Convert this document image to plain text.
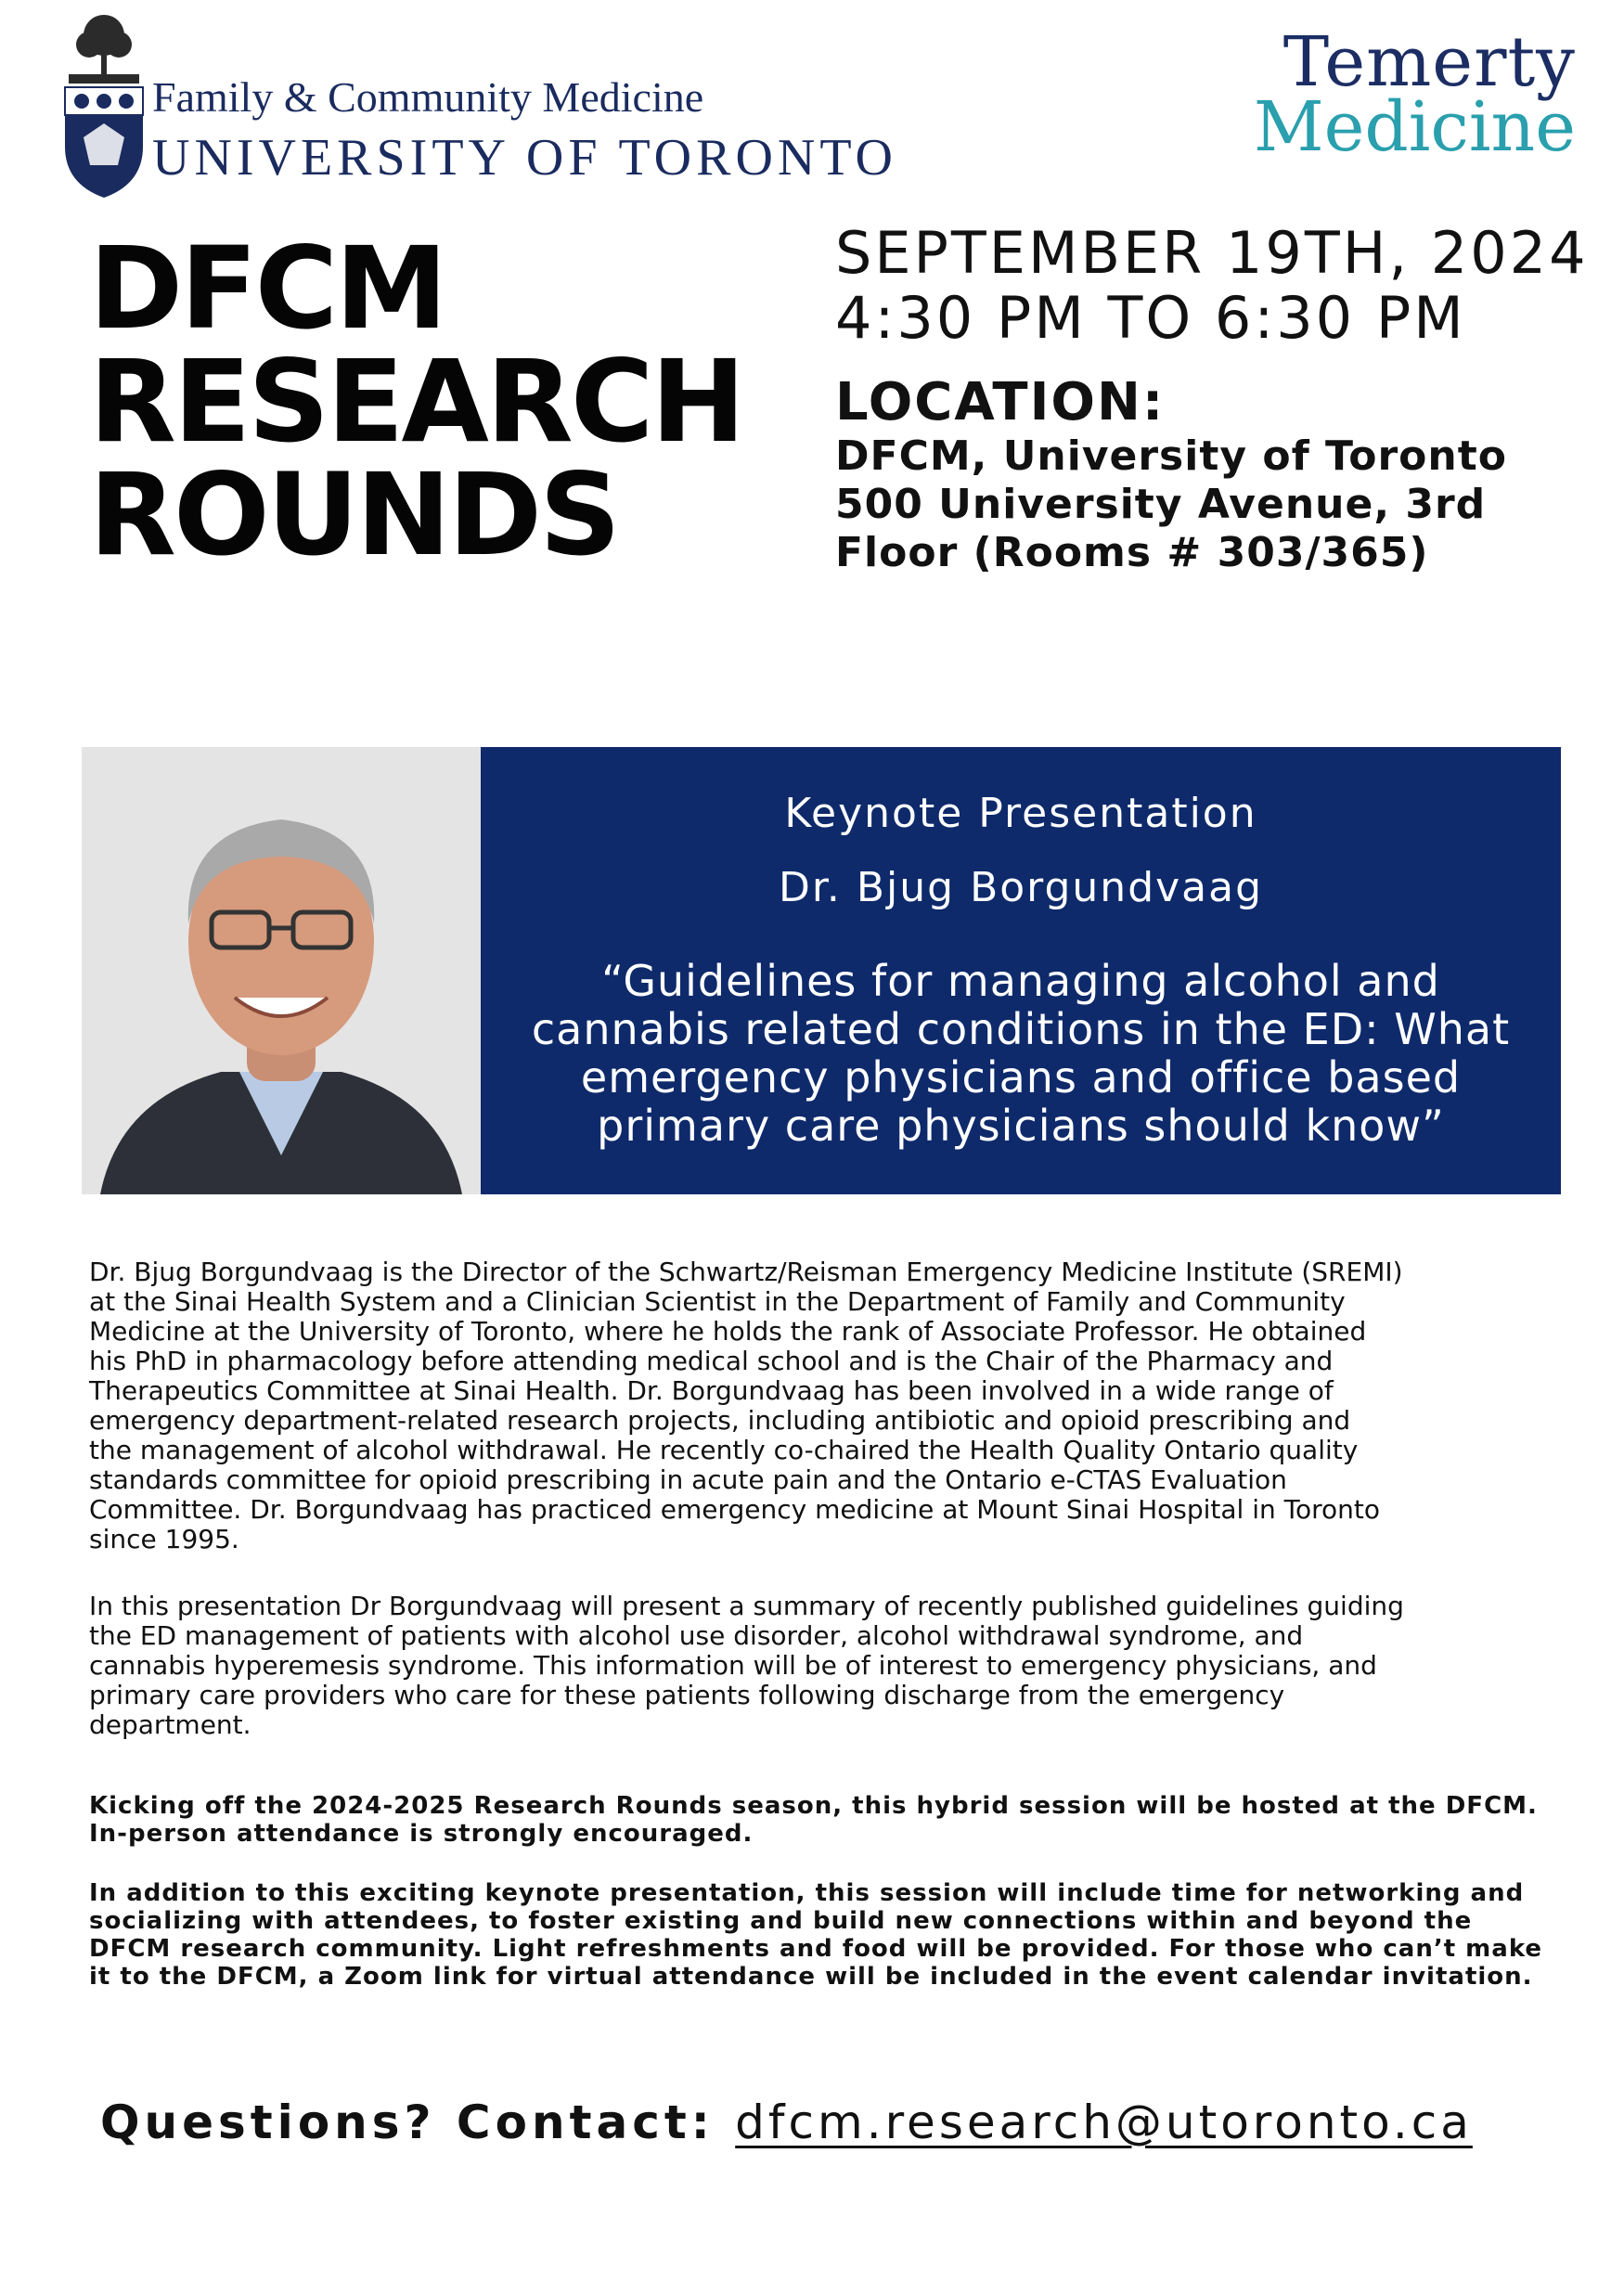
Family & Community Medicine
UNIVERSITY OF TORONTO
Temerty
Medicine
DFCM
RESEARCH
ROUNDS
SEPTEMBER 19TH, 2024
4:30 PM TO 6:30 PM
LOCATION:
DFCM, University of Toronto
500 University Avenue, 3rd
Floor (Rooms # 303/365)
Keynote Presentation
Dr. Bjug Borgundvaag
“Guidelines for managing alcohol and
cannabis related conditions in the ED: What
emergency physicians and office based
primary care physicians should know”
Dr. Bjug Borgundvaag is the Director of the Schwartz/Reisman Emergency Medicine Institute (SREMI)
at the Sinai Health System and a Clinician Scientist in the Department of Family and Community
Medicine at the University of Toronto, where he holds the rank of Associate Professor. He obtained
his PhD in pharmacology before attending medical school and is the Chair of the Pharmacy and
Therapeutics Committee at Sinai Health. Dr. Borgundvaag has been involved in a wide range of
emergency department-related research projects, including antibiotic and opioid prescribing and
the management of alcohol withdrawal. He recently co-chaired the Health Quality Ontario quality
standards committee for opioid prescribing in acute pain and the Ontario e-CTAS Evaluation
Committee. Dr. Borgundvaag has practiced emergency medicine at Mount Sinai Hospital in Toronto
since 1995.
In this presentation Dr Borgundvaag will present a summary of recently published guidelines guiding
the ED management of patients with alcohol use disorder, alcohol withdrawal syndrome, and
cannabis hyperemesis syndrome. This information will be of interest to emergency physicians, and
primary care providers who care for these patients following discharge from the emergency
department.
Kicking off the 2024-2025 Research Rounds season, this hybrid session will be hosted at the DFCM.
In-person attendance is strongly encouraged.
In addition to this exciting keynote presentation, this session will include time for networking and
socializing with attendees, to foster existing and build new connections within and beyond the
DFCM research community. Light refreshments and food will be provided. For those who can’t make
it to the DFCM, a Zoom link for virtual attendance will be included in the event calendar invitation.
Questions? Contact: dfcm.research@utoronto.ca
